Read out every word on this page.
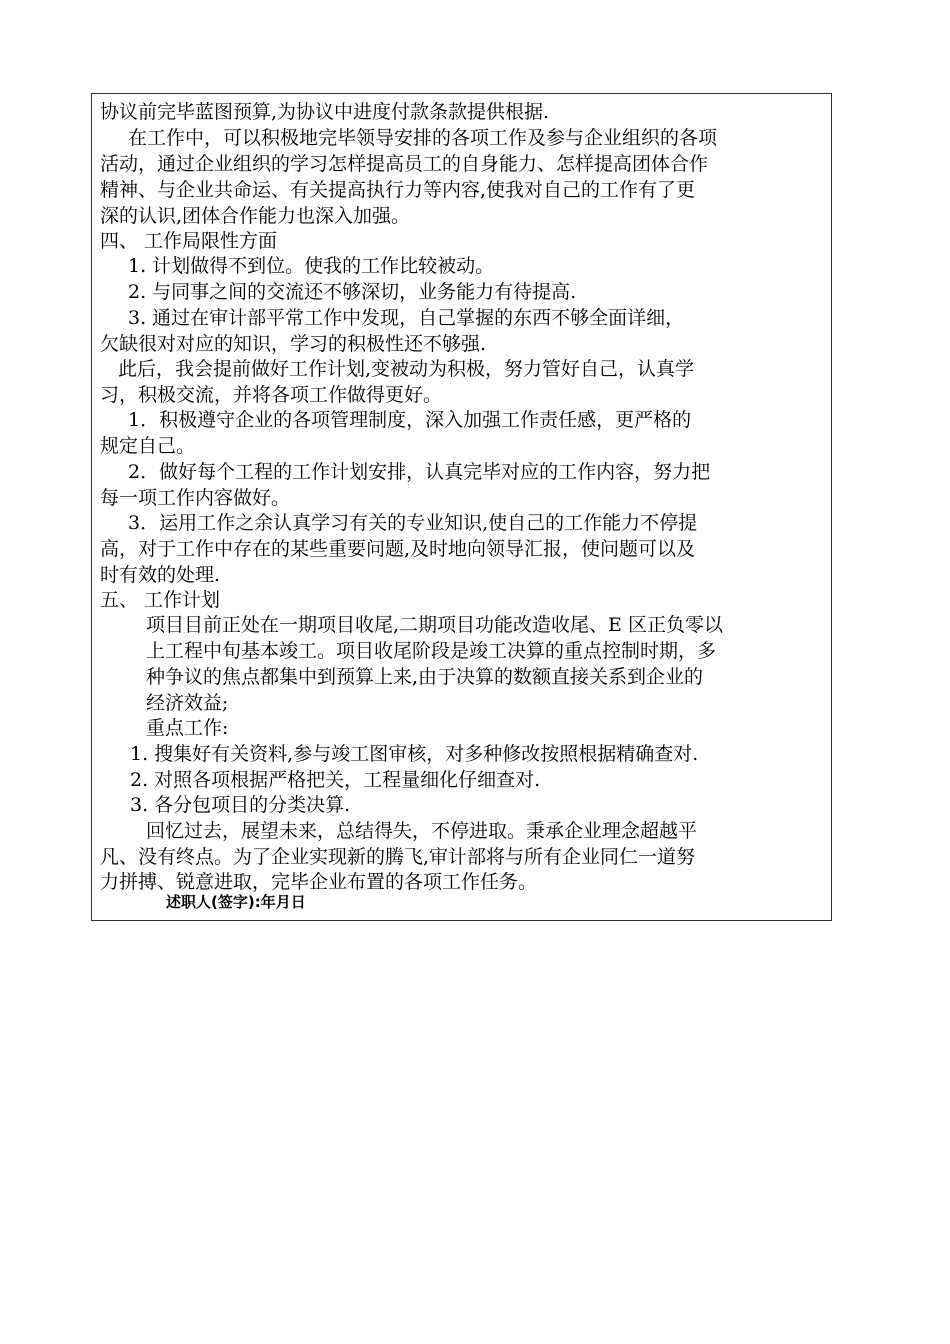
协议前完毕蓝图预算,为协议中进度付款条款提供根据.
在工作中，可以积极地完毕领导安排的各项工作及参与企业组织的各项
活动，通过企业组织的学习怎样提高员工的自身能力、怎样提高团体合作
精神、与企业共命运、有关提高执行力等内容,使我对自己的工作有了更
深的认识,团体合作能力也深入加强。
四、 工作局限性方面
1. 计划做得不到位。使我的工作比较被动。
2. 与同事之间的交流还不够深切，业务能力有待提高.
3. 通过在审计部平常工作中发现，自己掌握的东西不够全面详细，
欠缺很对对应的知识，学习的积极性还不够强.
此后，我会提前做好工作计划,变被动为积极，努力管好自己，认真学
习，积极交流，并将各项工作做得更好。
1．积极遵守企业的各项管理制度，深入加强工作责任感，更严格的
规定自己。
2．做好每个工程的工作计划安排，认真完毕对应的工作内容，努力把
每一项工作内容做好。
3．运用工作之余认真学习有关的专业知识,使自己的工作能力不停提
高，对于工作中存在的某些重要问题,及时地向领导汇报，使问题可以及
时有效的处理.
五、 工作计划
项目目前正处在一期项目收尾,二期项目功能改造收尾、E 区正负零以
上工程中旬基本竣工。项目收尾阶段是竣工决算的重点控制时期，多
种争议的焦点都集中到预算上来,由于决算的数额直接关系到企业的
经济效益;
重点工作:
1. 搜集好有关资料,参与竣工图审核，对多种修改按照根据精确查对.
2. 对照各项根据严格把关，工程量细化仔细查对.
3. 各分包项目的分类决算.
回忆过去，展望未来，总结得失，不停进取。秉承企业理念超越平
凡、没有终点。为了企业实现新的腾飞,审计部将与所有企业同仁一道努
力拼搏、锐意进取，完毕企业布置的各项工作任务。
述职人(签字):年月日
